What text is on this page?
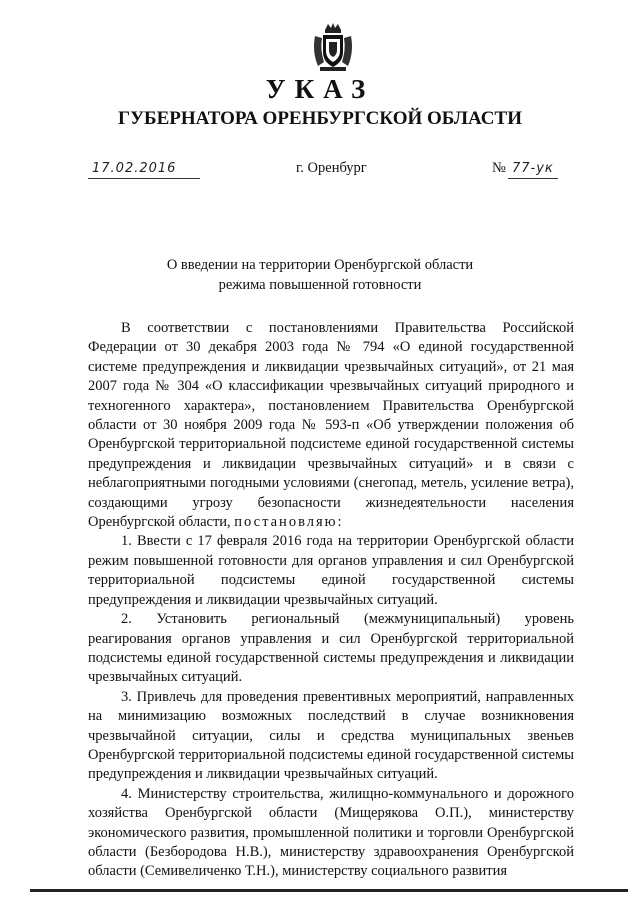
УКАЗ
ГУБЕРНАТОРА ОРЕНБУРГСКОЙ ОБЛАСТИ
17.02.2016	г. Оренбург	№ 77-ук
О введении на территории Оренбургской области
режима повышенной готовности

В соответствии с постановлениями Правительства Российской Федерации от 30 декабря 2003 года № 794 «О единой государственной системе предупреждения и ликвидации чрезвычайных ситуаций», от 21 мая 2007 года № 304 «О классификации чрезвычайных ситуаций природного и техногенного характера», постановлением Правительства Оренбургской области от 30 ноября 2009 года № 593-п «Об утверждении положения об Оренбургской территориальной подсистеме единой государственной системы предупреждения и ликвидации чрезвычайных ситуаций» и в связи с неблагоприятными погодными условиями (снегопад, метель, усиление ветра), создающими угрозу безопасности жизнедеятельности населения Оренбургской области, постановляю:

1. Ввести с 17 февраля 2016 года на территории Оренбургской области режим повышенной готовности для органов управления и сил Оренбургской территориальной подсистемы единой государственной системы предупреждения и ликвидации чрезвычайных ситуаций.

2. Установить региональный (межмуниципальный) уровень реагирования органов управления и сил Оренбургской территориальной подсистемы единой государственной системы предупреждения и ликвидации чрезвычайных ситуаций.

3. Привлечь для проведения превентивных мероприятий, направленных на минимизацию возможных последствий в случае возникновения чрезвычайной ситуации, силы и средства муниципальных звеньев Оренбургской территориальной подсистемы единой государственной системы предупреждения и ликвидации чрезвычайных ситуаций.

4. Министерству строительства, жилищно-коммунального и дорожного хозяйства Оренбургской области (Мищерякова О.П.), министерству экономического развития, промышленной политики и торговли Оренбургской области (Безбородова Н.В.), министерству здравоохранения Оренбургской области (Семивеличенко Т.Н.), министерству социального развития
